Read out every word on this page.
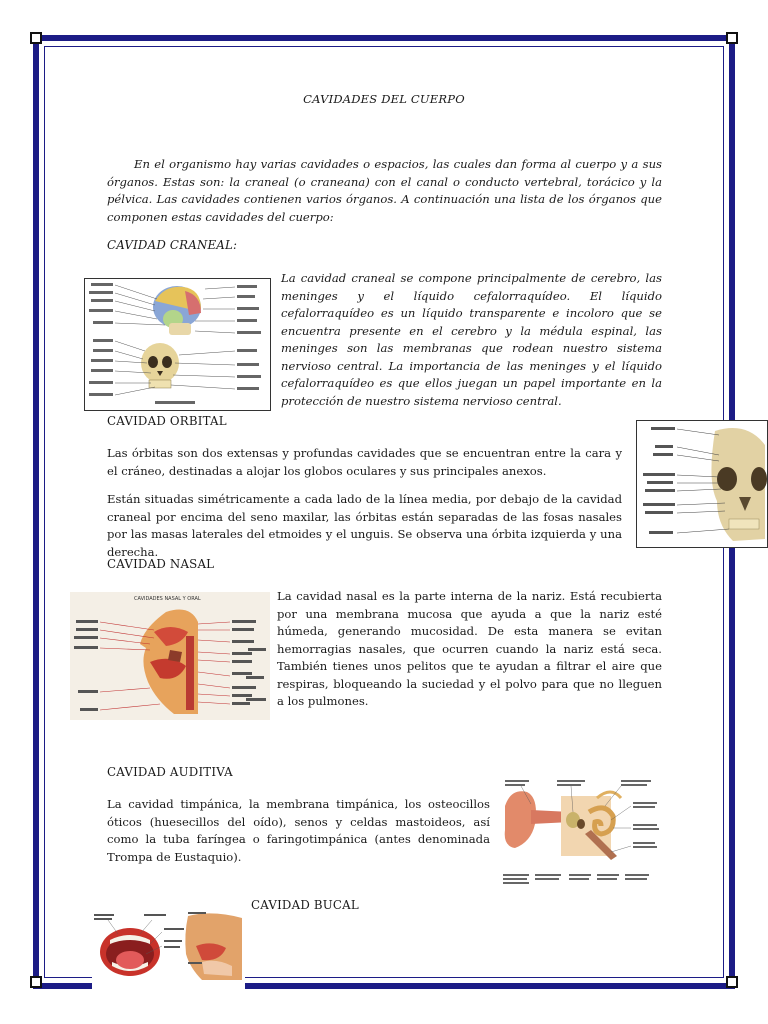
CAVIDADES DEL CUERPO
En el organismo hay varias cavidades o espacios, las cuales dan forma al cuerpo y a sus órganos. Estas son: la craneal (o craneana) con el canal o conducto vertebral, torácico y la pélvica. Las cavidades contienen varios órganos. A continuación una lista de los órganos que componen estas cavidades del cuerpo:
CAVIDAD CRANEAL:
La cavidad craneal se compone principalmente de cerebro, las meninges y el líquido cefalorraquídeo. El líquido cefalorraquídeo es un líquido transparente e incoloro que se encuentra presente en el cerebro y la médula espinal, las meninges son las membranas que rodean nuestro sistema nervioso central. La importancia de las meninges y el líquido cefalorraquídeo es que ellos juegan un papel importante en la protección de nuestro sistema nervioso central.
CAVIDAD ORBITAL
Las órbitas son dos extensas y profundas cavidades que se encuentran entre la cara y el cráneo, destinadas a alojar los globos oculares y sus principales anexos.
Están situadas simétricamente a cada lado de la línea media, por debajo de la cavidad craneal por encima del seno maxilar, las órbitas están separadas de las fosas nasales por las masas laterales del etmoides y el unguis. Se observa una órbita izquierda y una derecha.
CAVIDAD NASAL
CAVIDADES NASAL Y ORAL	La cavidad nasal es la parte interna de la nariz. Está recubierta por una membrana mucosa que ayuda a que la nariz esté húmeda, generando mucosidad. De esta manera se evitan hemorragias nasales, que ocurren cuando la nariz está seca. También tienes unos pelitos que te ayudan a filtrar el aire que respiras, bloqueando la suciedad y el polvo para que no lleguen a los pulmones.
CAVIDAD AUDITIVA
La cavidad timpánica, la membrana timpánica, los osteocillos óticos (huesecillos del oído), senos y celdas mastoideos, así como la tuba faríngea o faringotimpánica (antes denominada Trompa de Eustaquio).
CAVIDAD BUCAL
